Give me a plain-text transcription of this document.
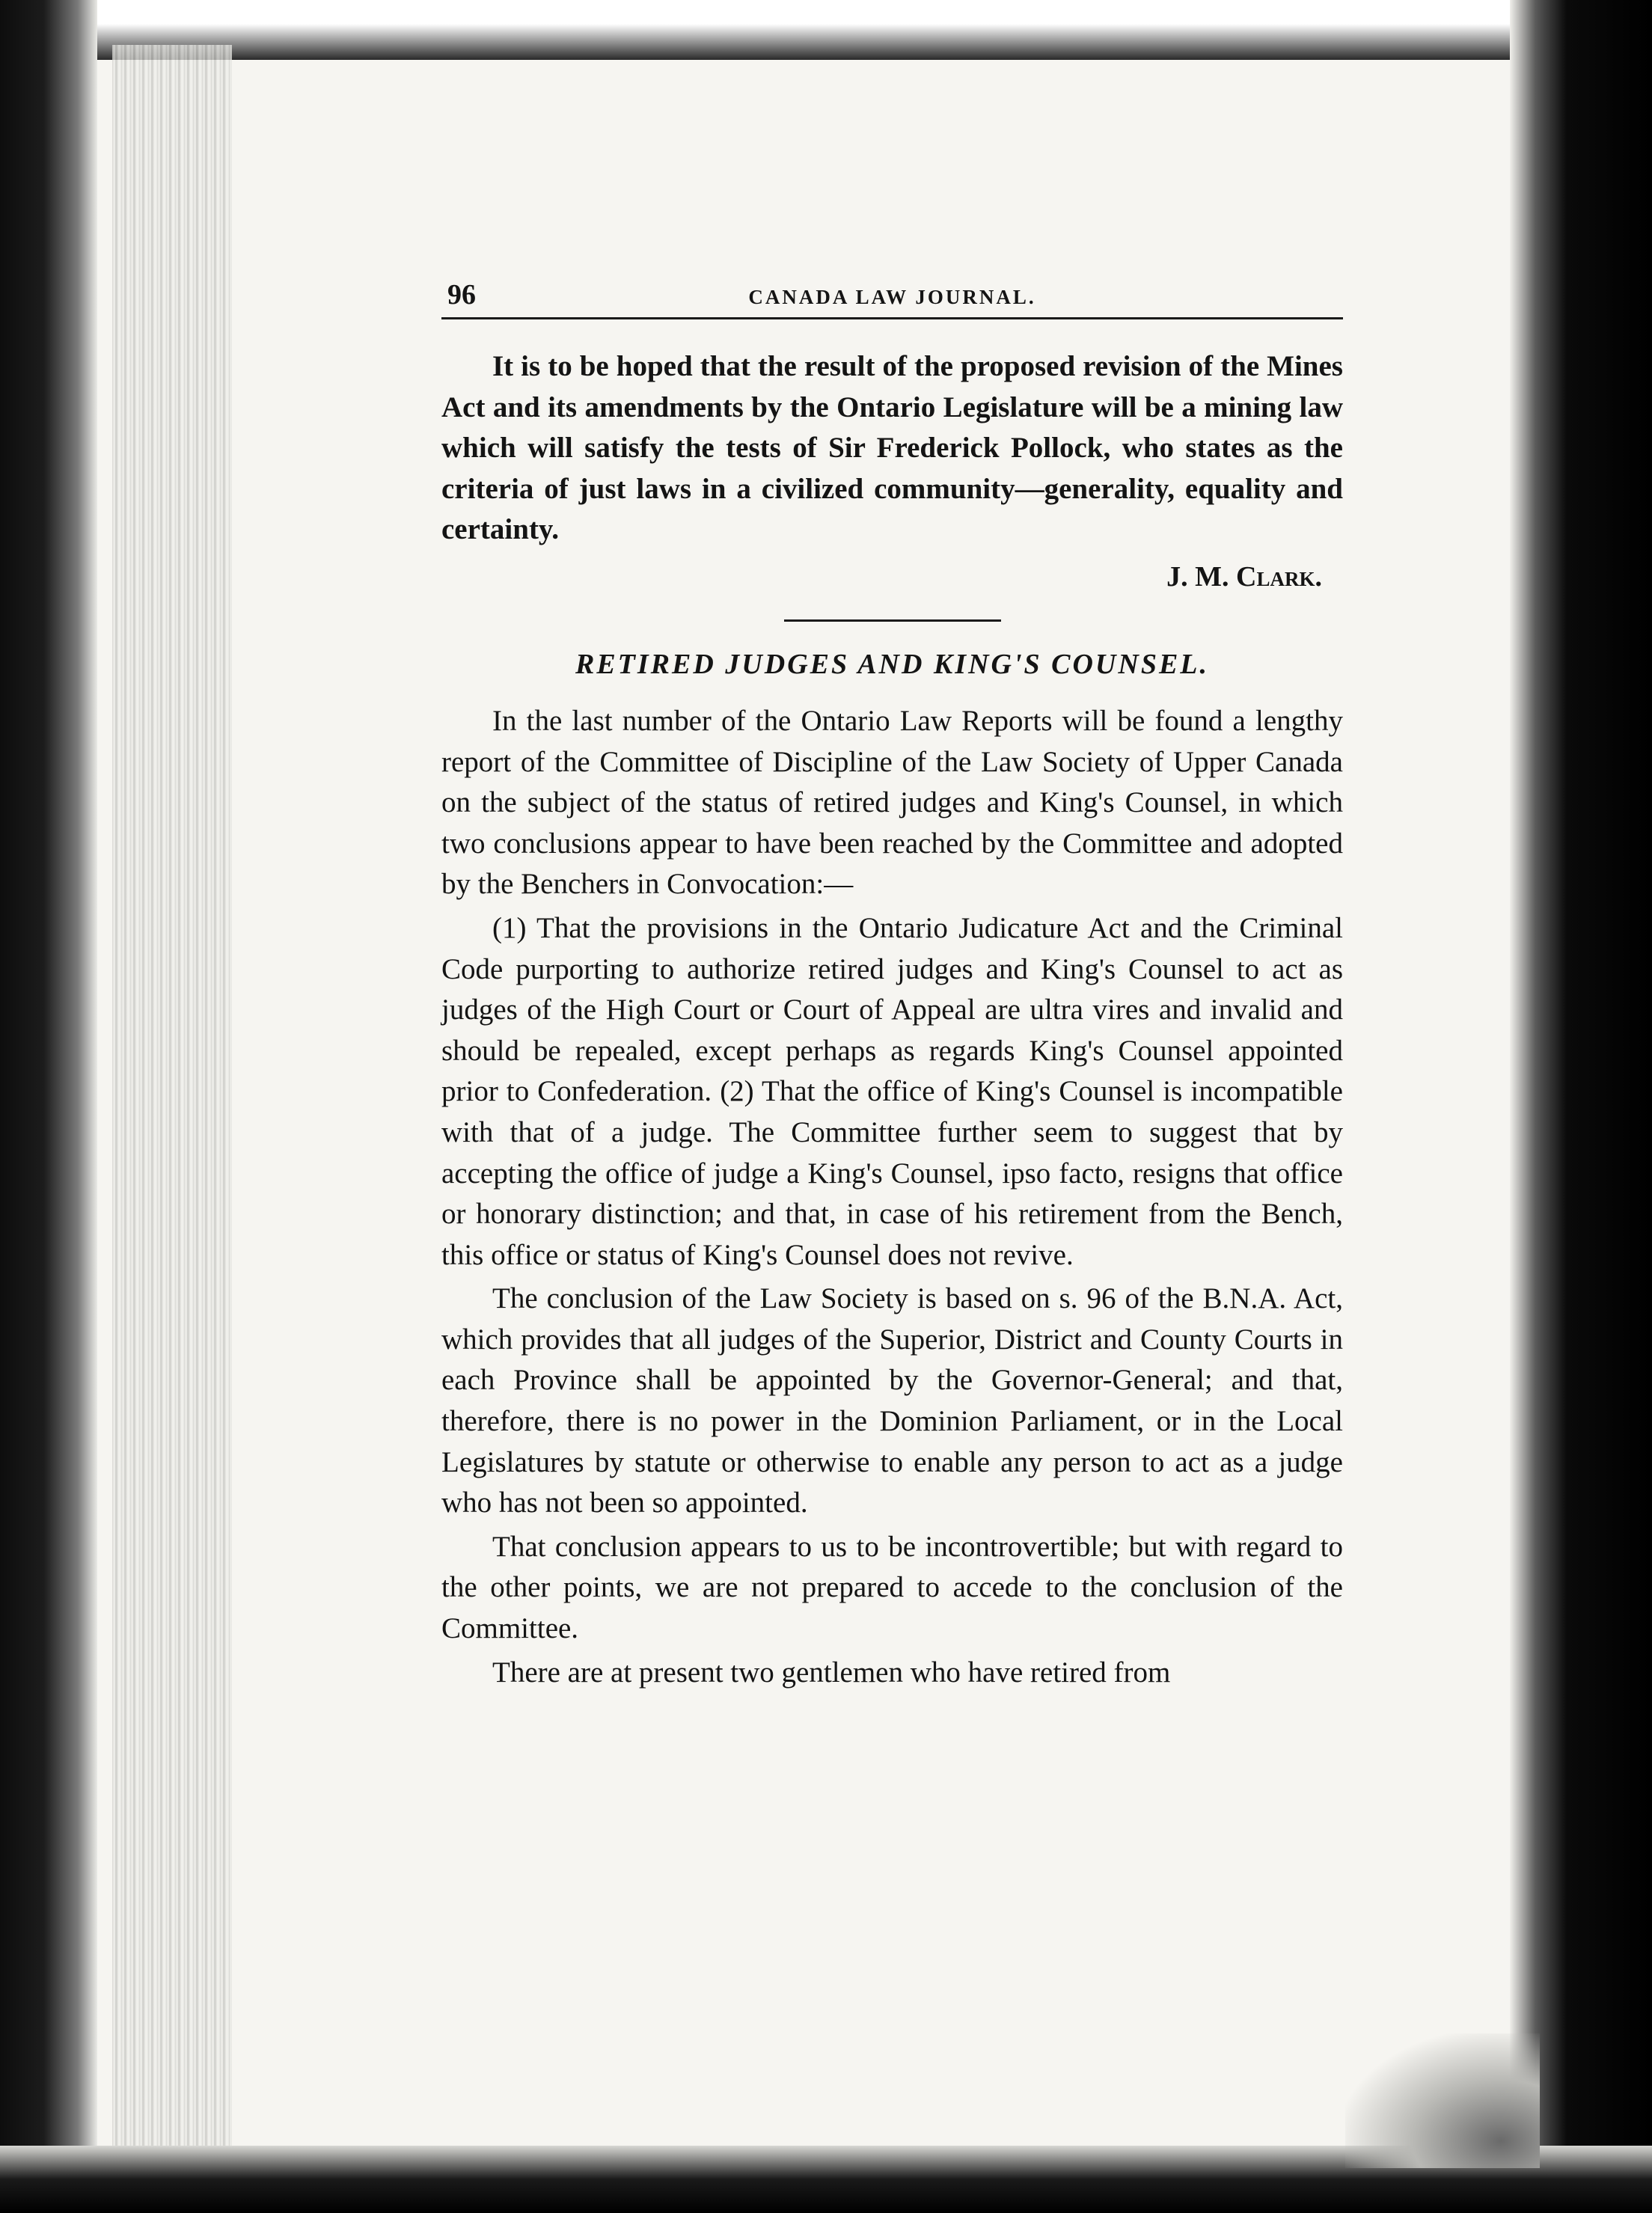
96	CANADA LAW JOURNAL.

It is to be hoped that the result of the proposed revision of the Mines Act and its amendments by the Ontario Legislature will be a mining law which will satisfy the tests of Sir Frederick Pollock, who states as the criteria of just laws in a civilized community—generality, equality and certainty.

J. M. Clark.
RETIRED JUDGES AND KING'S COUNSEL.

In the last number of the Ontario Law Reports will be found a lengthy report of the Committee of Discipline of the Law Society of Upper Canada on the subject of the status of retired judges and King's Counsel, in which two conclusions appear to have been reached by the Committee and adopted by the Benchers in Convocation:—

(1) That the provisions in the Ontario Judicature Act and the Criminal Code purporting to authorize retired judges and King's Counsel to act as judges of the High Court or Court of Appeal are ultra vires and invalid and should be repealed, except perhaps as regards King's Counsel appointed prior to Confederation. (2) That the office of King's Counsel is incompatible with that of a judge. The Committee further seem to suggest that by accepting the office of judge a King's Counsel, ipso facto, resigns that office or honorary distinction; and that, in case of his retirement from the Bench, this office or status of King's Counsel does not revive.

The conclusion of the Law Society is based on s. 96 of the B.N.A. Act, which provides that all judges of the Superior, District and County Courts in each Province shall be appointed by the Governor-General; and that, therefore, there is no power in the Dominion Parliament, or in the Local Legislatures by statute or otherwise to enable any person to act as a judge who has not been so appointed.

That conclusion appears to us to be incontrovertible; but with regard to the other points, we are not prepared to accede to the conclusion of the Committee.

There are at present two gentlemen who have retired from
